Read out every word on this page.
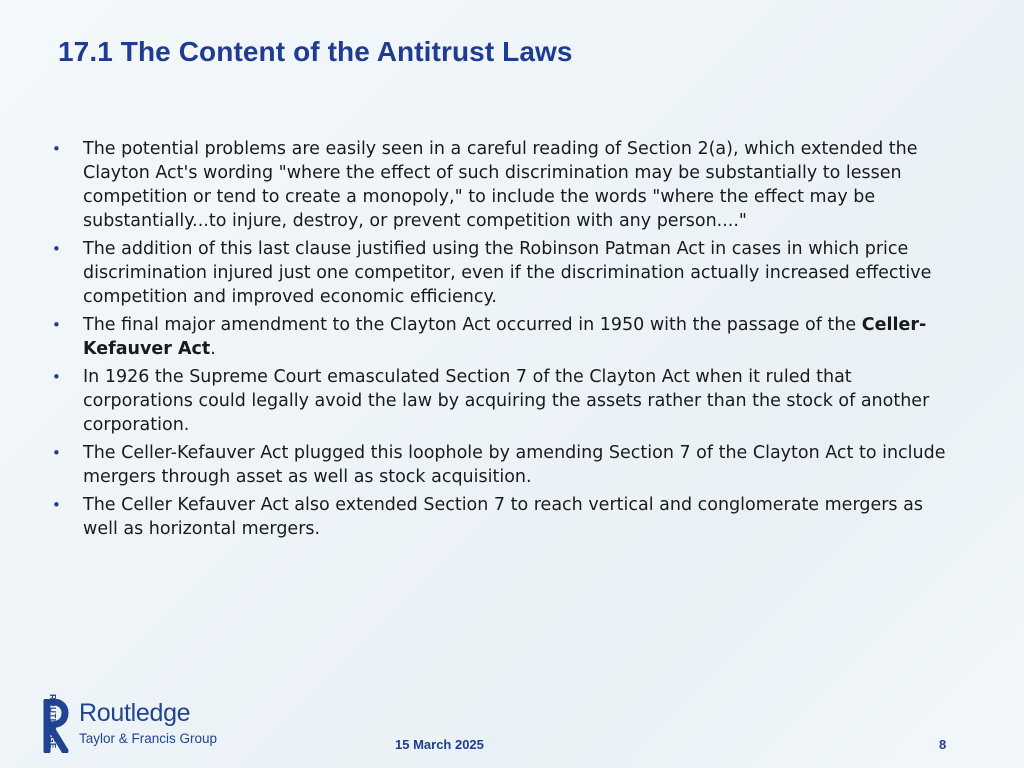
17.1 The Content of the Antitrust Laws
• The potential problems are easily seen in a careful reading of Section 2(a), which extended the Clayton Act's wording "where the effect of such discrimination may be substantially to lessen competition or tend to create a monopoly," to include the words "where the effect may be substantially...to injure, destroy, or prevent competition with any person...."
• The addition of this last clause justified using the Robinson Patman Act in cases in which price discrimination injured just one competitor, even if the discrimination actually increased effective competition and improved economic efficiency.
• The final major amendment to the Clayton Act occurred in 1950 with the passage of the Celler-Kefauver Act.
• In 1926 the Supreme Court emasculated Section 7 of the Clayton Act when it ruled that corporations could legally avoid the law by acquiring the assets rather than the stock of another corporation.
• The Celler-Kefauver Act plugged this loophole by amending Section 7 of the Clayton Act to include mergers through asset as well as stock acquisition.
• The Celler Kefauver Act also extended Section 7 to reach vertical and conglomerate mergers as well as horizontal mergers.
ROUTLEDGE Routledge
Taylor & Francis Group	15 March 2025	8
